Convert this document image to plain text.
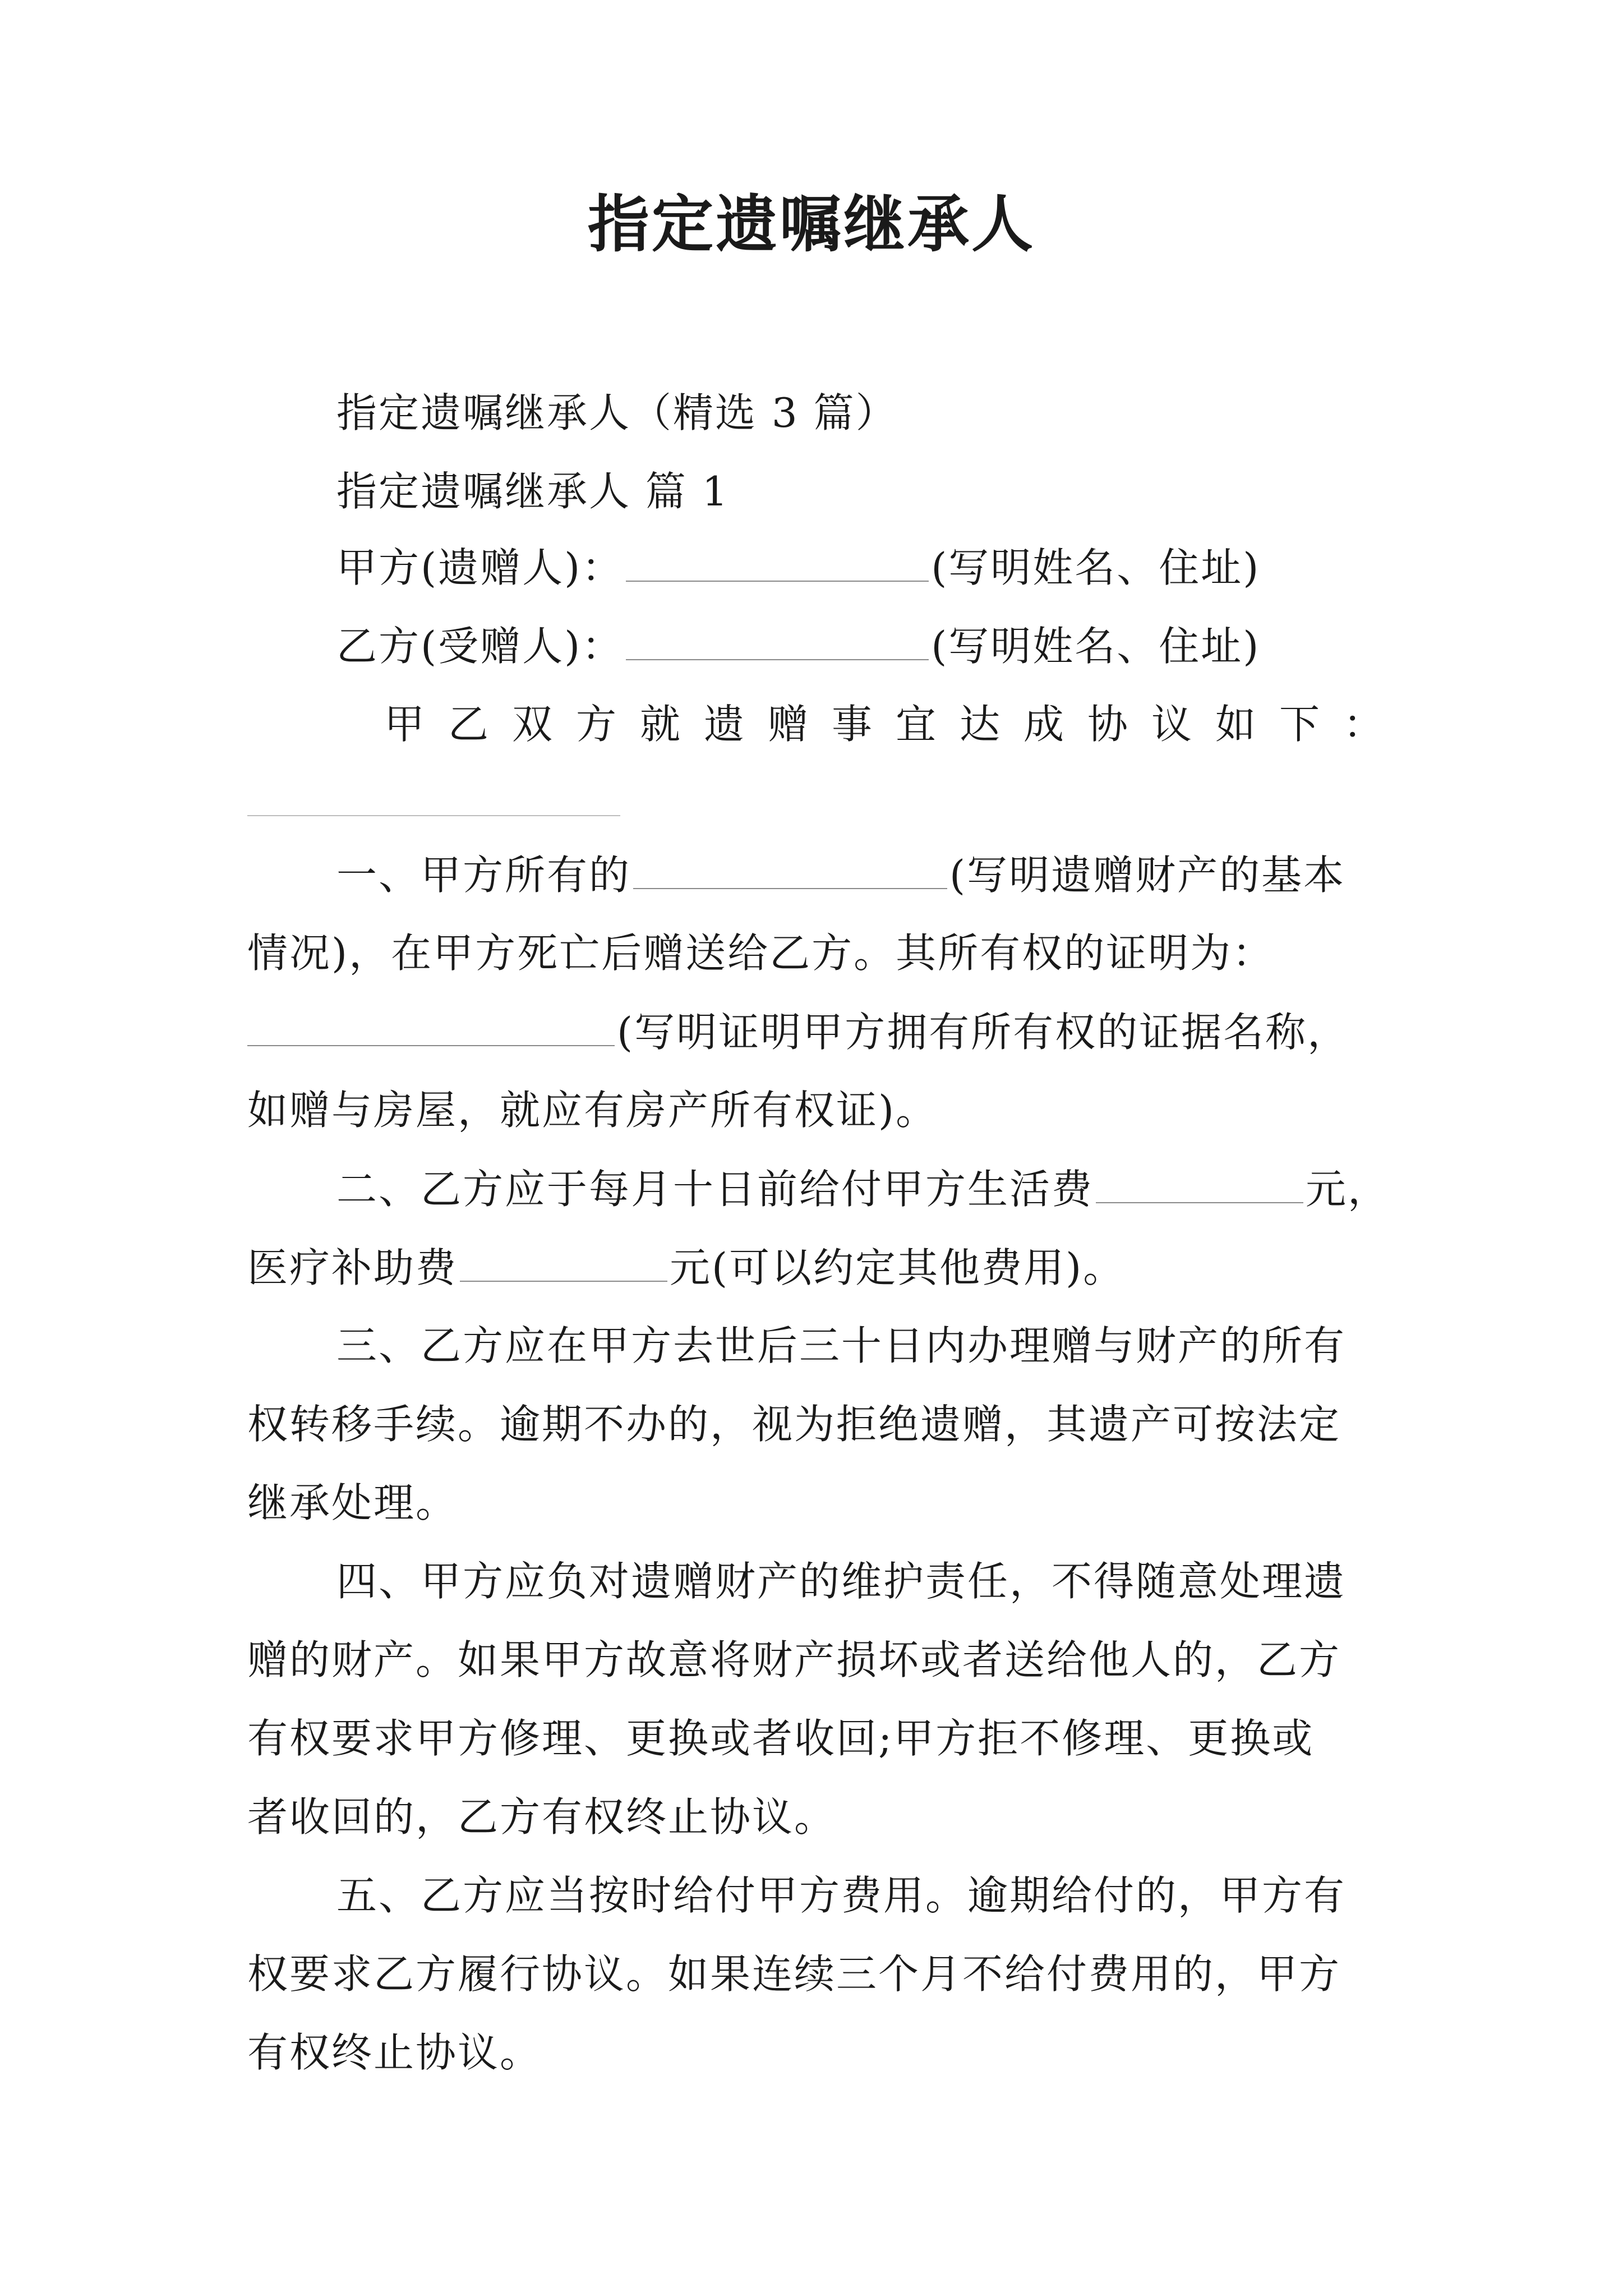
指定遗嘱继承人
指定遗嘱继承人（精选 3 篇）
指定遗嘱继承人 篇 1
甲方(遗赠人)：	(写明姓名、住址)
乙方(受赠人)：	(写明姓名、住址)
甲乙双方就遗赠事宜达成协议如下：
一、甲方所有的	(写明遗赠财产的基本
情况)，在甲方死亡后赠送给乙方。其所有权的证明为：
(写明证明甲方拥有所有权的证据名称，
如赠与房屋，就应有房产所有权证)。
二、乙方应于每月十日前给付甲方生活费	元，
医疗补助费	元(可以约定其他费用)。
三、乙方应在甲方去世后三十日内办理赠与财产的所有
权转移手续。逾期不办的，视为拒绝遗赠，其遗产可按法定
继承处理。
四、甲方应负对遗赠财产的维护责任，不得随意处理遗
赠的财产。如果甲方故意将财产损坏或者送给他人的，乙方
有权要求甲方修理、更换或者收回;甲方拒不修理、更换或
者收回的，乙方有权终止协议。
五、乙方应当按时给付甲方费用。逾期给付的，甲方有
权要求乙方履行协议。如果连续三个月不给付费用的，甲方
有权终止协议。
